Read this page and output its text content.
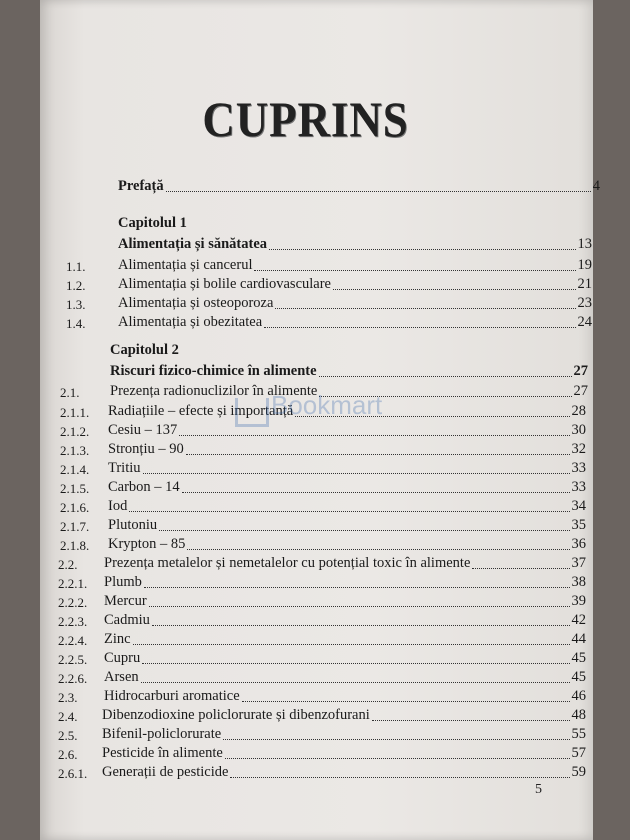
CUPRINS
Prefață	4
Capitolul 1
Alimentația și sănătatea	13
1.1. Alimentația și cancerul	19
1.2. Alimentația și bolile cardiovasculare	21
1.3. Alimentația și osteoporoza	23
1.4. Alimentația și obezitatea	24
Capitolul 2
Riscuri fizico-chimice în alimente	27
2.1. Prezența radionuclizilor în alimente	27
2.1.1. Radiațiile – efecte și importanță	28
2.1.2. Cesiu – 137	30
2.1.3. Stronțiu – 90	32
2.1.4. Tritiu	33
2.1.5. Carbon – 14	33
2.1.6. Iod	34
2.1.7. Plutoniu	35
2.1.8. Krypton – 85	36
2.2. Prezența metalelor și nemetalelor cu potențial toxic în alimente	37
2.2.1. Plumb	38
2.2.2. Mercur	39
2.2.3. Cadmiu	42
2.2.4. Zinc	44
2.2.5. Cupru	45
2.2.6. Arsen	45
2.3. Hidrocarburi aromatice	46
2.4. Dibenzodioxine policlorurate și dibenzofurani	48
2.5. Bifenil-policlorurate	55
2.6. Pesticide în alimente	57
2.6.1. Generații de pesticide	59
Bookmart
5
